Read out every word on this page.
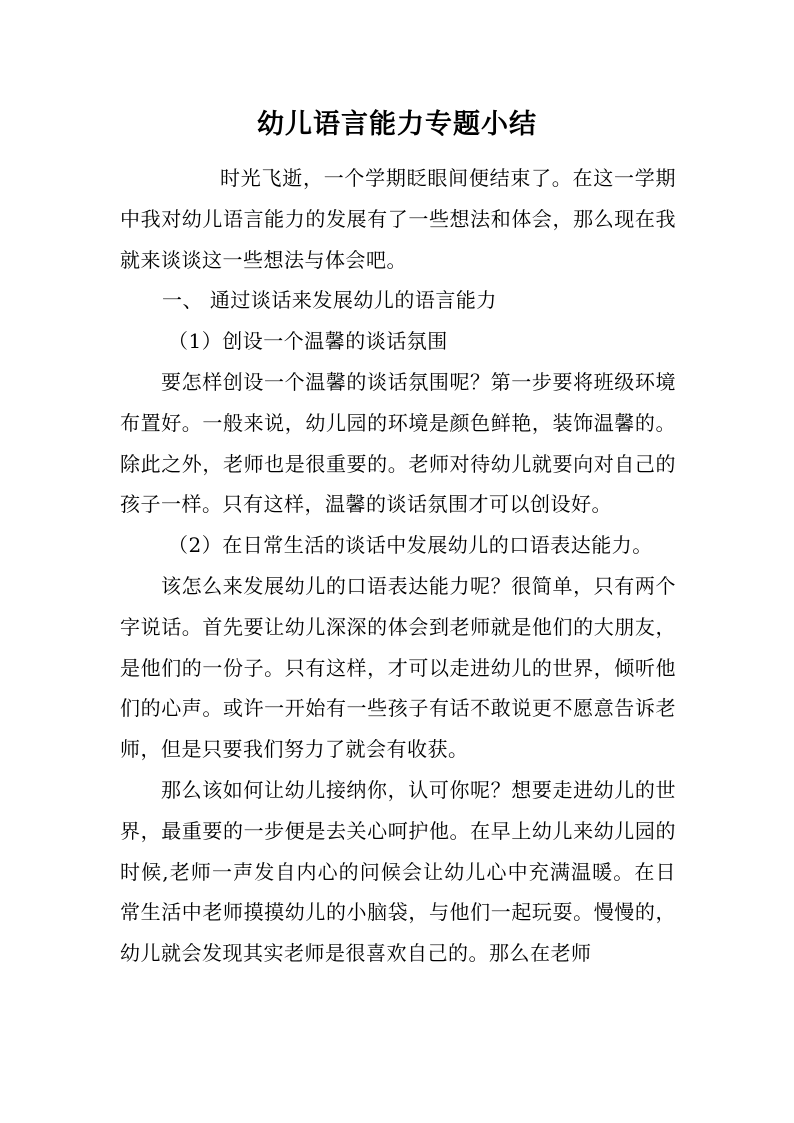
幼儿语言能力专题小结

时光飞逝，一个学期眨眼间便结束了。在这一学期中我对幼儿语言能力的发展有了一些想法和体会，那么现在我就来谈谈这一些想法与体会吧。

一、 通过谈话来发展幼儿的语言能力

（1）创设一个温馨的谈话氛围

要怎样创设一个温馨的谈话氛围呢？第一步要将班级环境布置好。一般来说，幼儿园的环境是颜色鲜艳，装饰温馨的。除此之外，老师也是很重要的。老师对待幼儿就要向对自己的孩子一样。只有这样，温馨的谈话氛围才可以创设好。

（2）在日常生活的谈话中发展幼儿的口语表达能力。

该怎么来发展幼儿的口语表达能力呢？很简单，只有两个字说话。首先要让幼儿深深的体会到老师就是他们的大朋友，是他们的一份子。只有这样，才可以走进幼儿的世界，倾听他们的心声。或许一开始有一些孩子有话不敢说更不愿意告诉老师，但是只要我们努力了就会有收获。

那么该如何让幼儿接纳你，认可你呢？想要走进幼儿的世界，最重要的一步便是去关心呵护他。在早上幼儿来幼儿园的时候,老师一声发自内心的问候会让幼儿心中充满温暖。在日常生活中老师摸摸幼儿的小脑袋，与他们一起玩耍。慢慢的，幼儿就会发现其实老师是很喜欢自己的。那么在老师
